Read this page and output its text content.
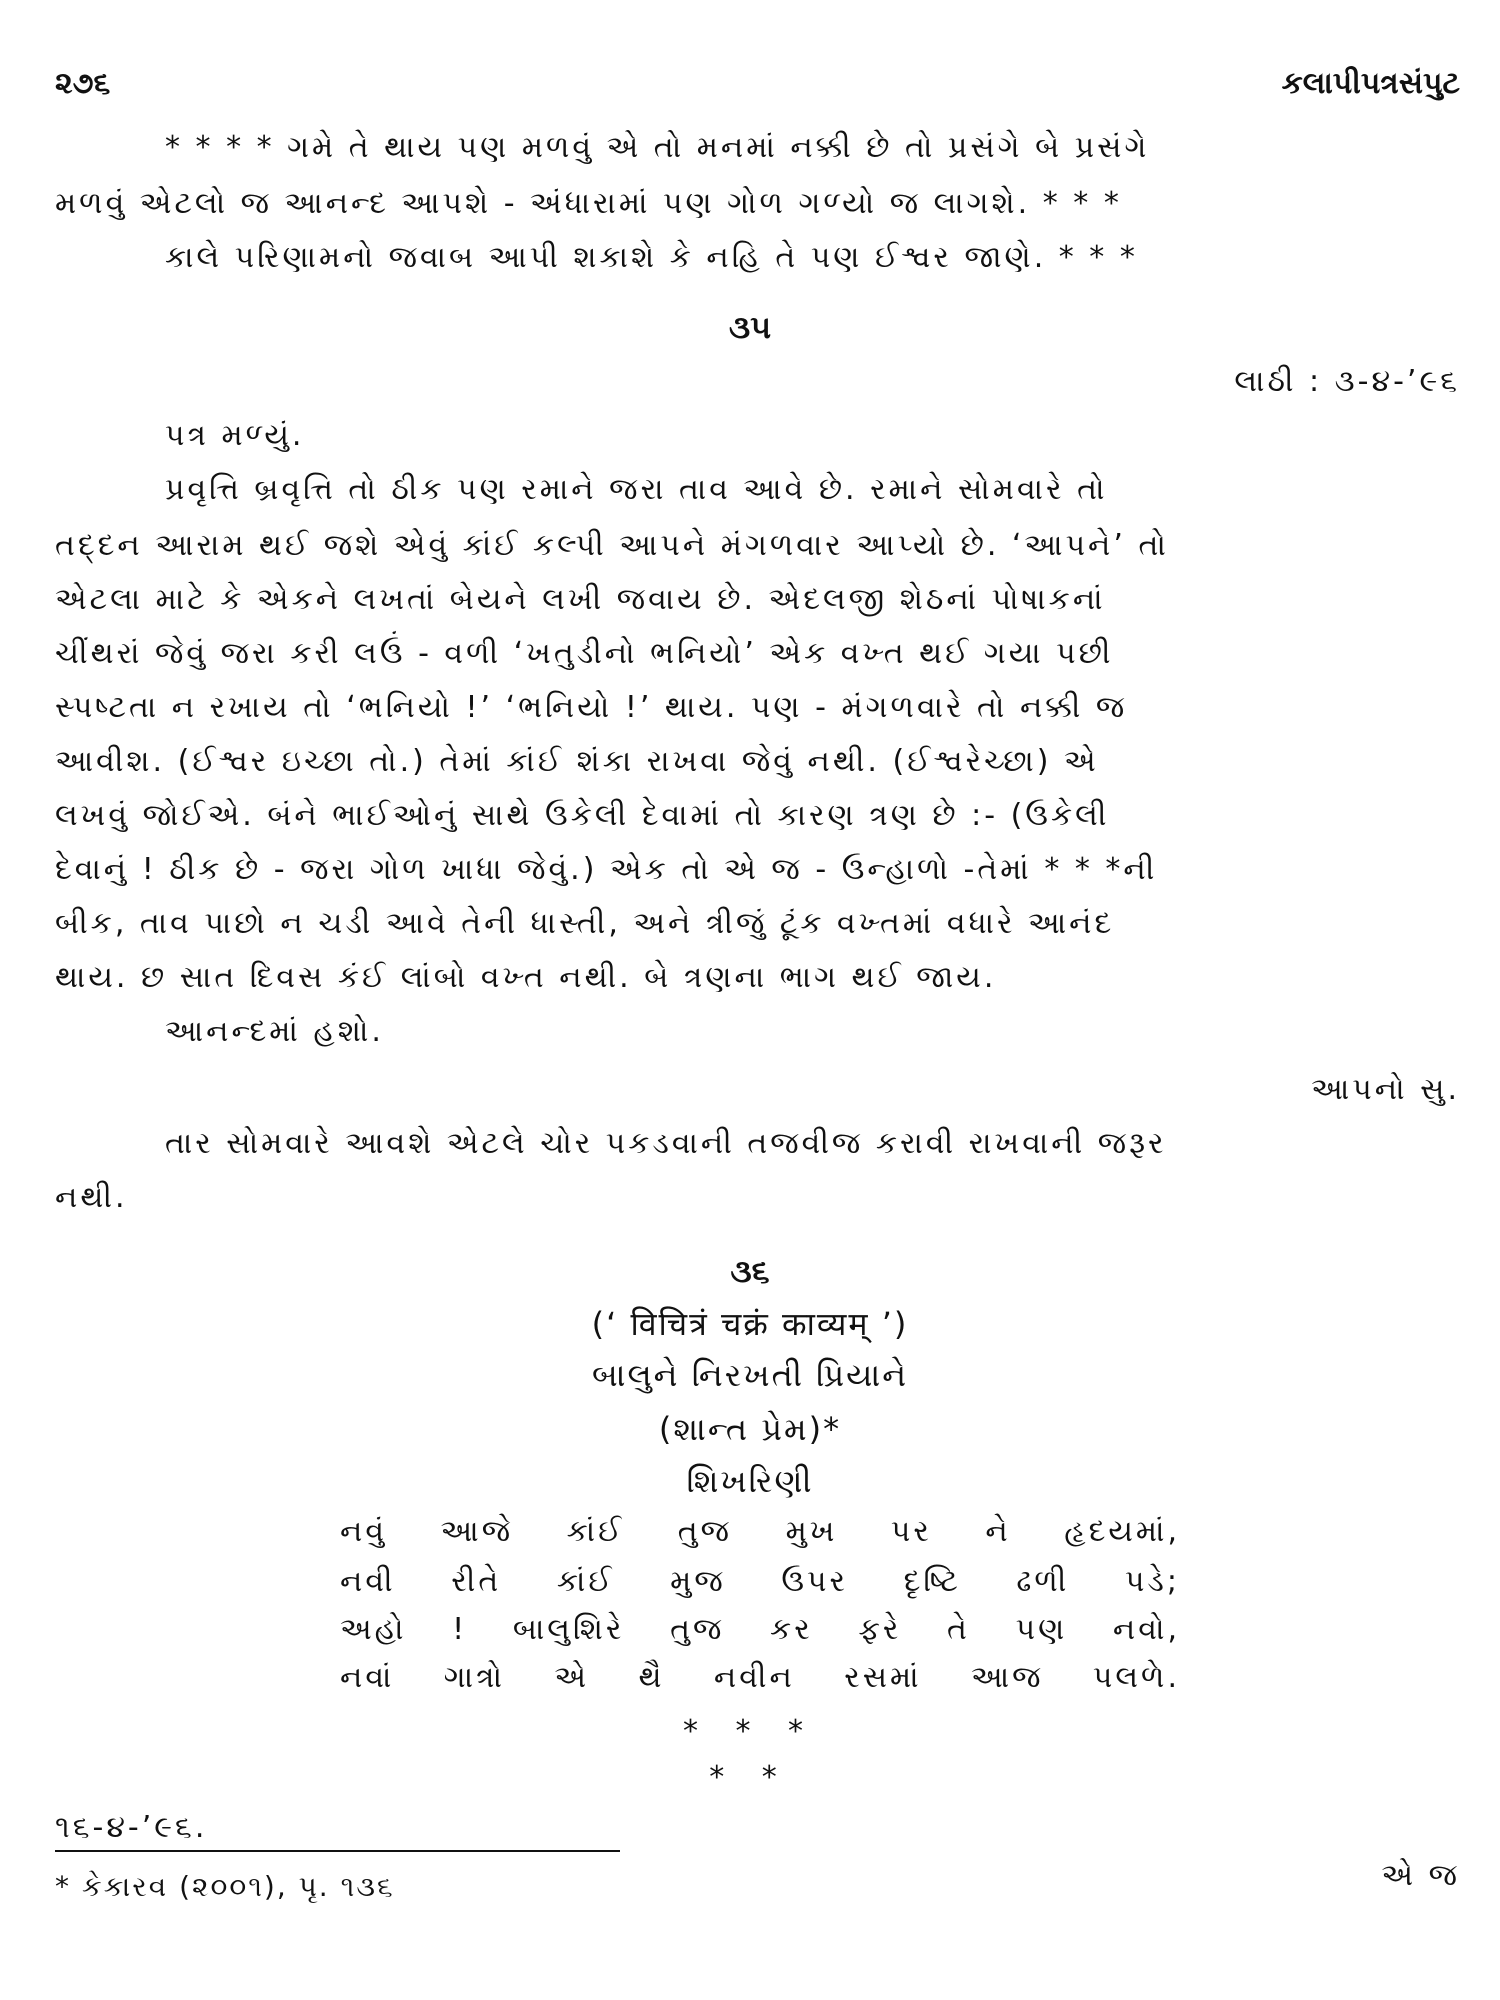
૨૭૬	કલાપીપત્રસંપુટ
* * * * ગમે તે થાય પણ મળવું એ તો મનમાં નક્કી છે તો પ્રસંગે બે પ્રસંગે
મળવું એટલો જ આનન્દ આપશે - અંધારામાં પણ ગોળ ગળ્યો જ લાગશે. * * *
કાલે પરિણામનો જવાબ આપી શકાશે કે નહિ તે પણ ઈશ્વર જાણે. * * *
૩૫
લાઠી : ૩-૪-’૯૬
પત્ર મળ્યું.
પ્રવૃત્તિ બ્રવૃત્તિ તો ઠીક પણ રમાને જરા તાવ આવે છે. રમાને સોમવારે તો
તદ્દન આરામ થઈ જશે એવું કાંઈ કલ્પી આપને મંગળવાર આપ્યો છે. ‘આપને’ તો
એટલા માટે કે એકને લખતાં બેયને લખી જવાય છે. એદલજી શેઠનાં પોષાકનાં
ચીંથરાં જેવું જરા કરી લઉં - વળી ‘ખતુડીનો ભનિયો’ એક વખ્ત થઈ ગયા પછી
સ્પષ્ટતા ન રખાય તો ‘ભનિયો !’ ‘ભનિયો !’ થાય. પણ - મંગળવારે તો નક્કી જ
આવીશ. (ઈશ્વર ઇચ્છા તો.) તેમાં કાંઈ શંકા રાખવા જેવું નથી. (ઈશ્વરેચ્છા) એ
લખવું જોઈએ. બંને ભાઈઓનું સાથે ઉકેલી દેવામાં તો કારણ ત્રણ છે :- (ઉકેલી
દેવાનું ! ઠીક છે - જરા ગોળ ખાધા જેવું.) એક તો એ જ - ઉન્હાળો -તેમાં * * *ની
બીક, તાવ પાછો ન ચડી આવે તેની ધાસ્તી, અને ત્રીજું ટૂંક વખ્તમાં વધારે આનંદ
થાય. છ સાત દિવસ કંઈ લાંબો વખ્ત નથી. બે ત્રણના ભાગ થઈ જાય.
આનન્દમાં હશો.
આપનો સુ.
તાર સોમવારે આવશે એટલે ચોર પકડવાની તજવીજ કરાવી રાખવાની જરૂર
નથી.
૩૬
(‘ विचित्रं चक्रं काव्यम् ’)
બાલુને નિરખતી પ્રિયાને
(શાન્ત પ્રેમ)*
શિખરિણી
નવું આજે કાંઈ તુજ મુખ પર ને હૃદયમાં,
નવી રીતે કાંઈ મુજ ઉપર દૃષ્ટિ ઢળી પડે;
અહો ! બાલુશિરે તુજ કર ફરે તે પણ નવો,
નવાં ગાત્રો એ થૈ નવીન રસમાં આજ પલળે.
* * *
* *
૧૬-૪-’૯૬.
એ જ
* કેકારવ (૨૦૦૧), પૃ. ૧૩૬
